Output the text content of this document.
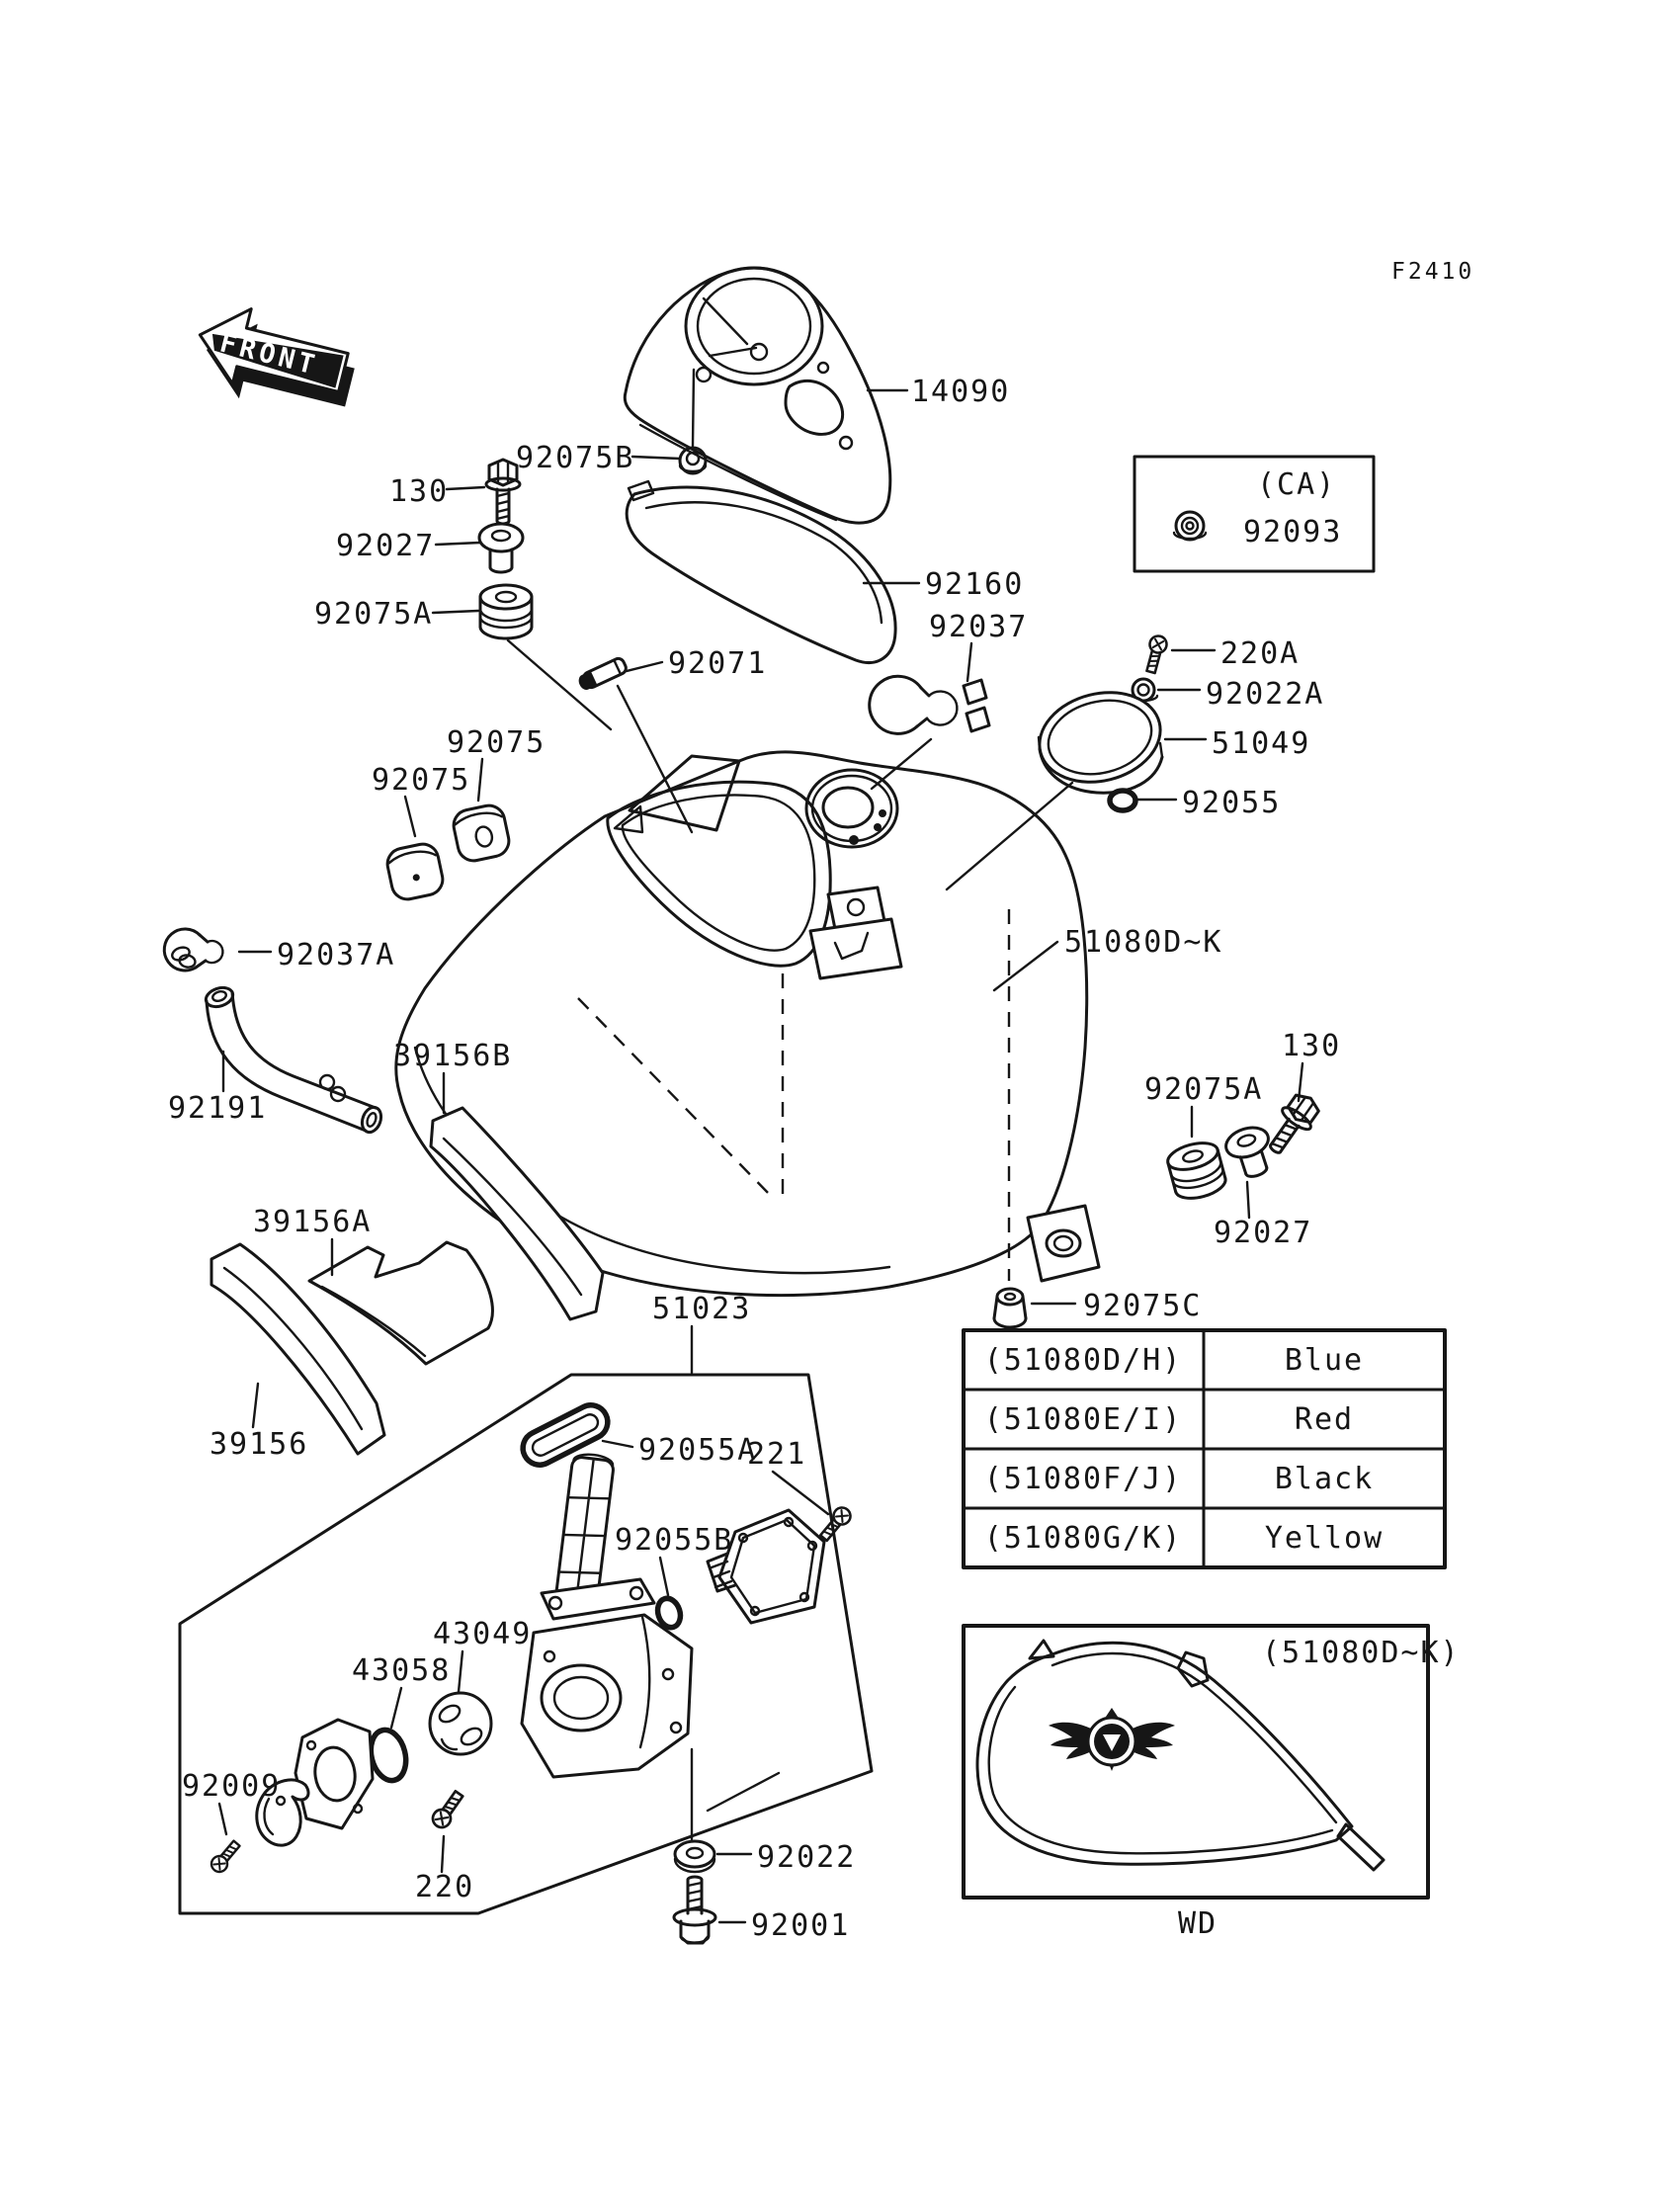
FRONT
F2410
(CA)
92093
(51080D/H)	Blue
(51080E/I)	Red
(51080F/J)	Black
(51080G/K)	Yellow
(51080D~K)
WD
14090
92075B
130
92027
92075A
92071
92160
92037
220A
92022A
51049
92055
92075
92075
92037A
92191
39156B
39156A
39156
51080D~K
130
92075A
92027
92075C
51023
92055A
221
92055B
43049
43058
92009
220
92022
92001
